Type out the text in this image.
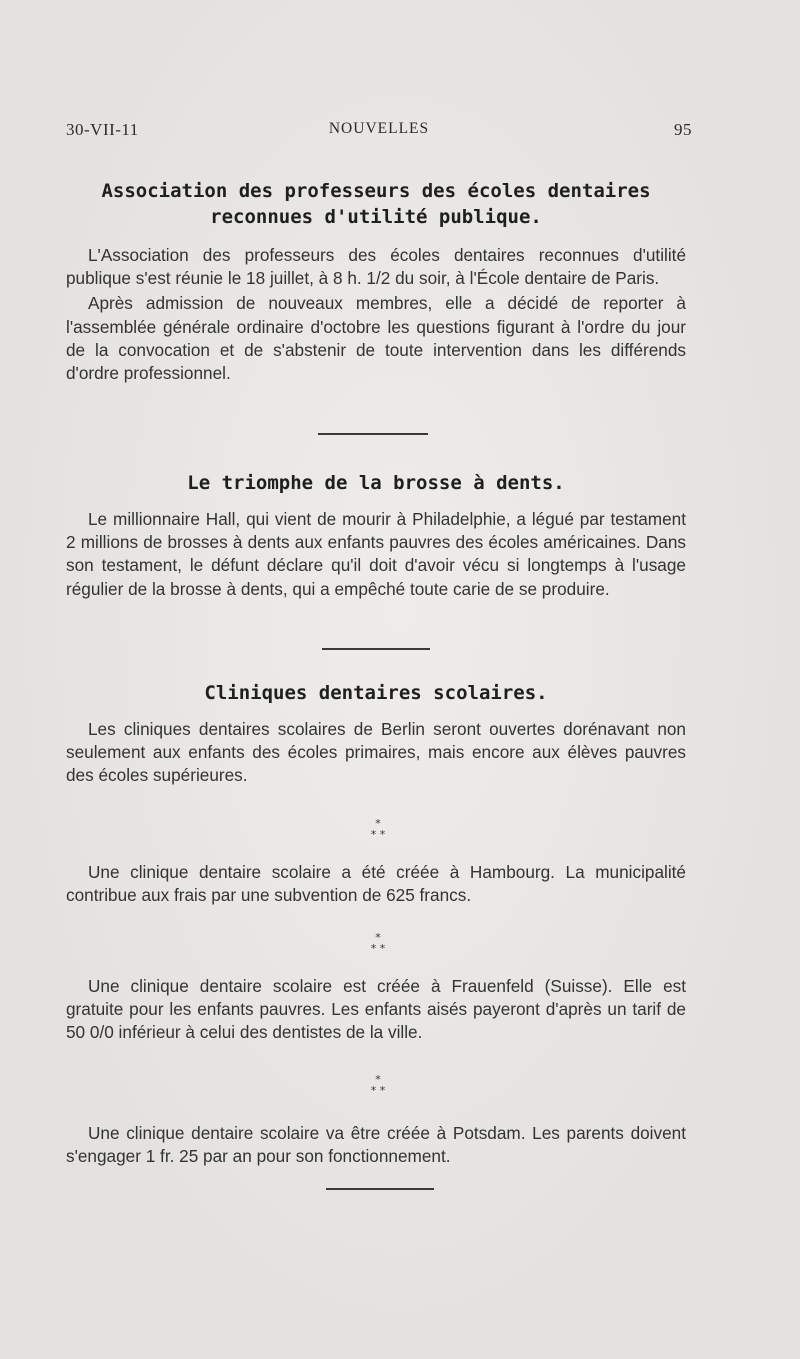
30-VII-11	NOUVELLES	95
Association des professeurs des écoles dentaires reconnues d'utilité publique.

L'Association des professeurs des écoles dentaires reconnues d'utilité publique s'est réunie le 18 juillet, à 8 h. 1/2 du soir, à l'École dentaire de Paris.

Après admission de nouveaux membres, elle a décidé de reporter à l'assemblée générale ordinaire d'octobre les questions figurant à l'ordre du jour de la convocation et de s'abstenir de toute intervention dans les différends d'ordre professionnel.

Le triomphe de la brosse à dents.

Le millionnaire Hall, qui vient de mourir à Philadelphie, a légué par testament 2 millions de brosses à dents aux enfants pauvres des écoles américaines. Dans son testament, le défunt déclare qu'il doit d'avoir vécu si longtemps à l'usage régulier de la brosse à dents, qui a empêché toute carie de se produire.

Cliniques dentaires scolaires.

Les cliniques dentaires scolaires de Berlin seront ouvertes dorénavant non seulement aux enfants des écoles primaires, mais encore aux élèves pauvres des écoles supérieures.

*
* *

Une clinique dentaire scolaire a été créée à Hambourg. La municipalité contribue aux frais par une subvention de 625 francs.

*
* *

Une clinique dentaire scolaire est créée à Frauenfeld (Suisse). Elle est gratuite pour les enfants pauvres. Les enfants aisés payeront d'après un tarif de 50 0/0 inférieur à celui des dentistes de la ville.

*
* *

Une clinique dentaire scolaire va être créée à Potsdam. Les parents doivent s'engager 1 fr. 25 par an pour son fonctionnement.
